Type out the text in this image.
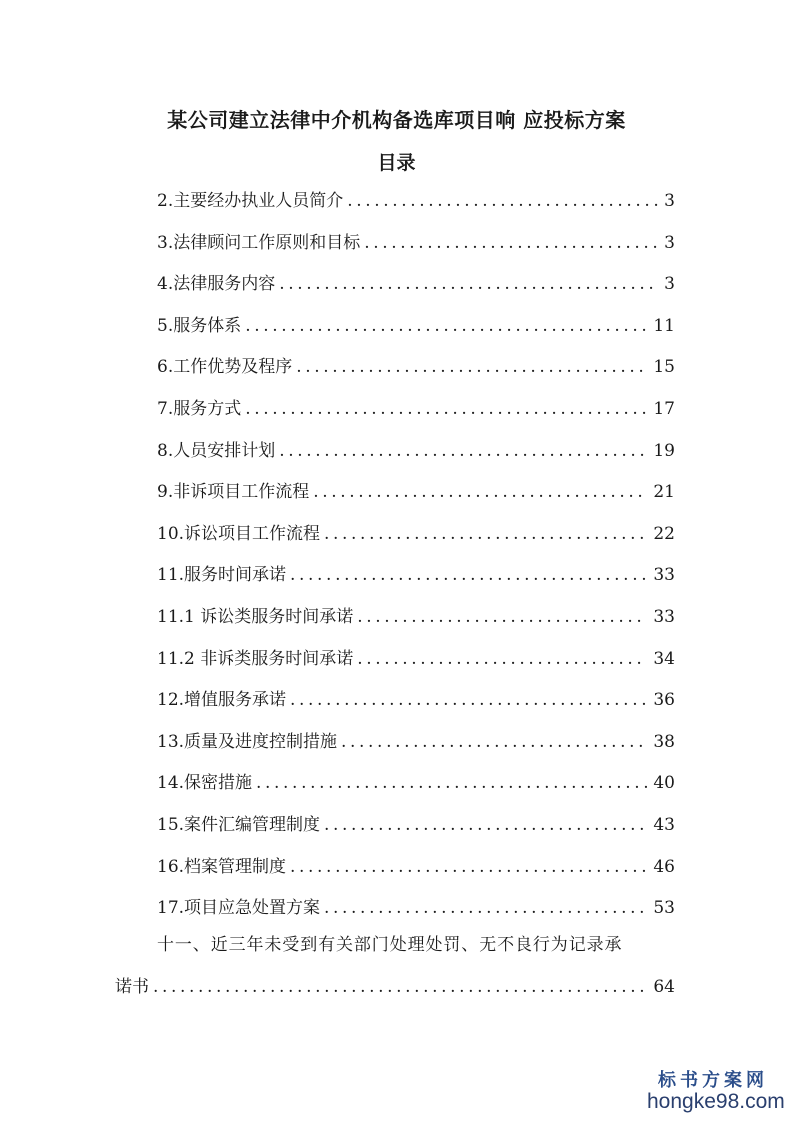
某公司建立法律中介机构备选库项目响 应投标方案
目录
2.主要经办执业人员简介 .....	3
3.法律顾问工作原则和目标 .....	3
4.法律服务内容 .....	3
5.服务体系 .....	11
6.工作优势及程序 .....	15
7.服务方式 .....	17
8.人员安排计划 .....	19
9.非诉项目工作流程 .....	21
10.诉讼项目工作流程 .....	22
11.服务时间承诺 .....	33
11.1 诉讼类服务时间承诺 .....	33
11.2 非诉类服务时间承诺 .....	34
12.增值服务承诺 .....	36
13.质量及进度控制措施 .....	38
14.保密措施 .....	40
15.案件汇编管理制度 .....	43
16.档案管理制度 .....	46
17.项目应急处置方案 .....	53
十一、近三年未受到有关部门处理处罚、无不良行为记录承
诺书 .....	64
标书方案网
hongke98.com
